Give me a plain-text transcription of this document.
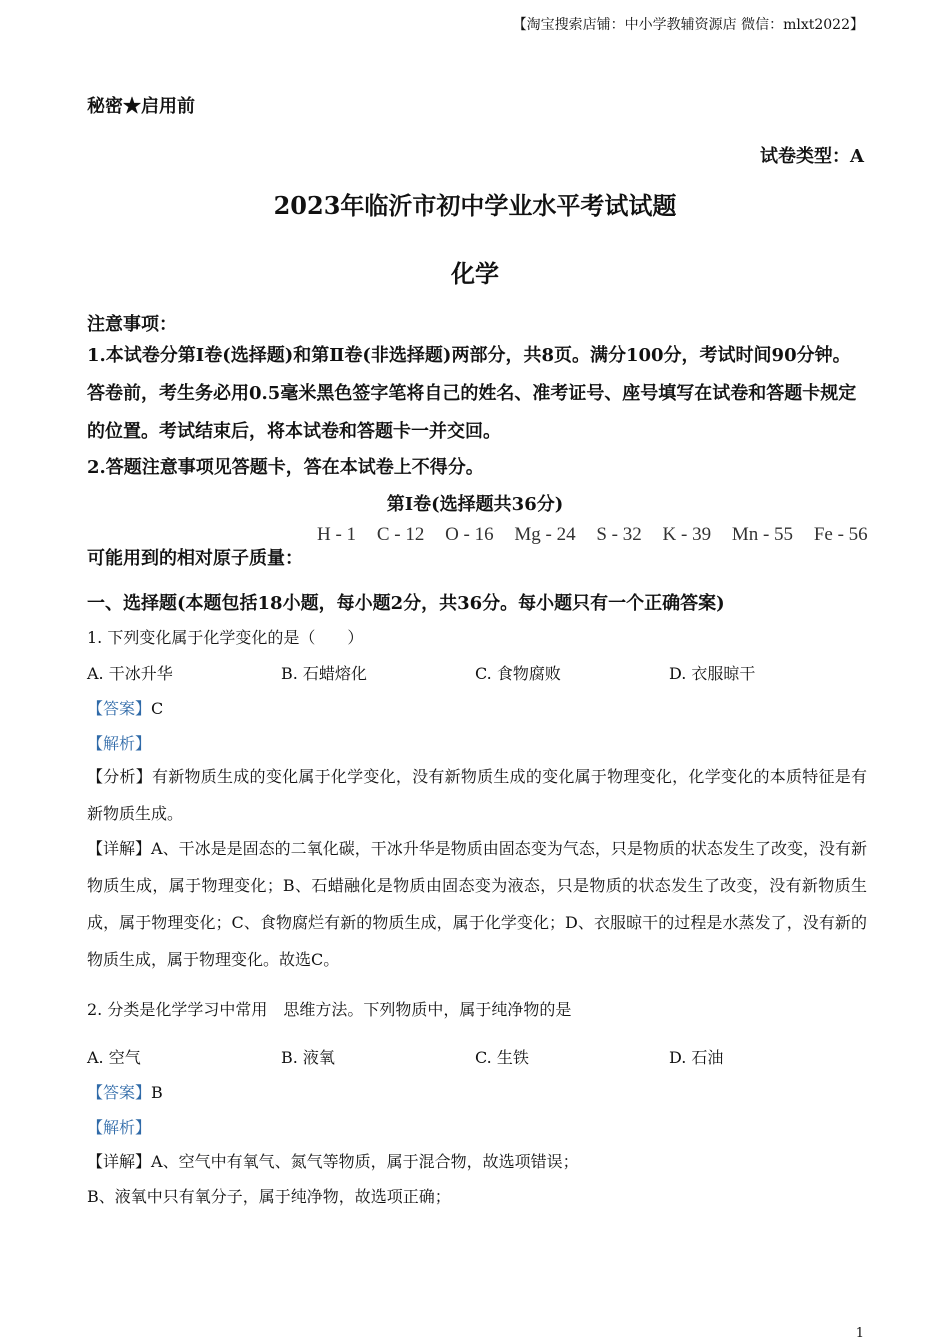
【淘宝搜索店铺：中小学教辅资源店 微信：mlxt2022】
秘密★启用前
试卷类型：A
2023年临沂市初中学业水平考试试题
化学
注意事项：
1.本试卷分第Ⅰ卷(选择题)和第Ⅱ卷(非选择题)两部分，共8页。满分100分，考试时间90分钟。答卷前，考生务必用0.5毫米黑色签字笔将自己的姓名、准考证号、座号填写在试卷和答题卡规定的位置。考试结束后，将本试卷和答题卡一并交回。
2.答题注意事项见答题卡，答在本试卷上不得分。
第Ⅰ卷(选择题共36分)
可能用到的相对原子质量：
H - 1 C - 12 O - 16 Mg - 24 S - 32 K - 39 Mn - 55 Fe - 56
一、选择题(本题包括18小题，每小题2分，共36分。每小题只有一个正确答案)
1. 下列变化属于化学变化的是（　　）
A. 干冰升华	B. 石蜡熔化	C. 食物腐败	D. 衣服晾干
【答案】C
【解析】
【分析】有新物质生成的变化属于化学变化，没有新物质生成的变化属于物理变化，化学变化的本质特征是有新物质生成。
【详解】A、干冰是是固态的二氧化碳，干冰升华是物质由固态变为气态，只是物质的状态发生了改变，没有新物质生成，属于物理变化；B、石蜡融化是物质由固态变为液态，只是物质的状态发生了改变，没有新物质生成，属于物理变化；C、食物腐烂有新的物质生成，属于化学变化；D、衣服晾干的过程是水蒸发了，没有新的物质生成，属于物理变化。故选C。
2. 分类是化学学习中常用　思维方法。下列物质中，属于纯净物的是
A. 空气	B. 液氧	C. 生铁	D. 石油
【答案】B
【解析】
【详解】A、空气中有氧气、氮气等物质，属于混合物，故选项错误；
B、液氧中只有氧分子，属于纯净物，故选项正确；
1
